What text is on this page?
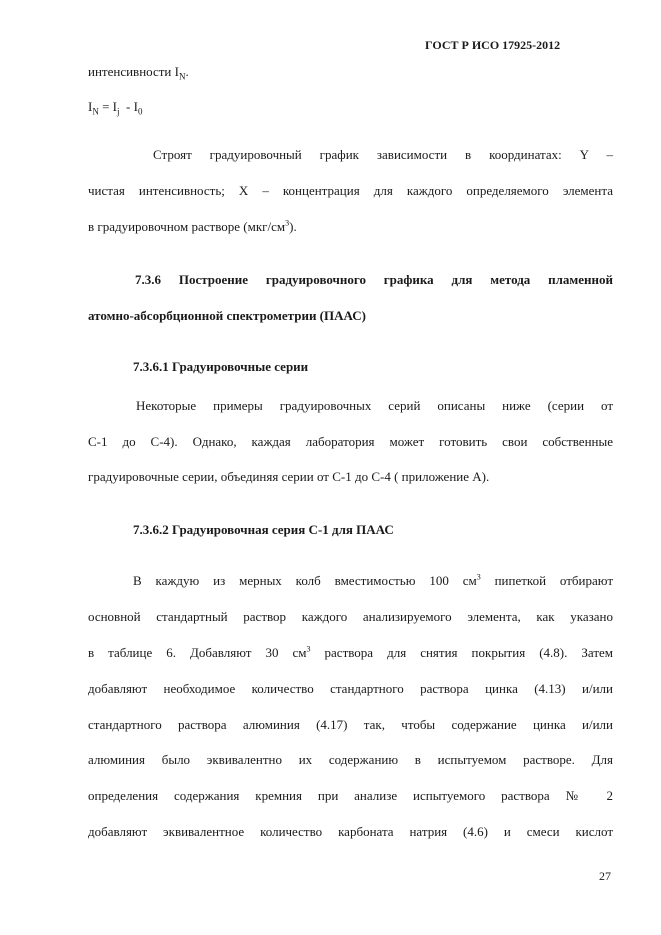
ГОСТ Р ИСО 17925-2012
интенсивности $I_N$.
$I_N = I_j - I_0$
Строят градуировочный график зависимости в координатах: Y –
чистая интенсивность; X – концентрация для каждого определяемого элемента
в градуировочном растворе $(мкг/см^3)$.
7.3.6 Построение градуировочного графика для метода пламенной
атомно-абсорбционной спектрометрии (ПААС)
7.3.6.1 Градуировочные серии
Некоторые примеры градуировочных серий описаны ниже (серии от
С-1 до С-4). Однако, каждая лаборатория может готовить свои собственные
градуировочные серии, объединяя серии от С-1 до С-4 ( приложение А).
7.3.6.2 Градуировочная серия С-1 для ПААС
В каждую из мерных колб вместимостью 100 $см^3$ пипеткой отбирают
основной стандартный раствор каждого анализируемого элемента, как указано
в таблице 6. Добавляют 30 $см^3$ раствора для снятия покрытия (4.8). Затем
добавляют необходимое количество стандартного раствора цинка (4.13) и/или
стандартного раствора алюминия (4.17) так, чтобы содержание цинка и/или
алюминия было эквивалентно их содержанию в испытуемом растворе. Для
определения содержания кремния при анализе испытуемого раствора № 2
добавляют эквивалентное количество карбоната натрия (4.6) и смеси кислот
27
